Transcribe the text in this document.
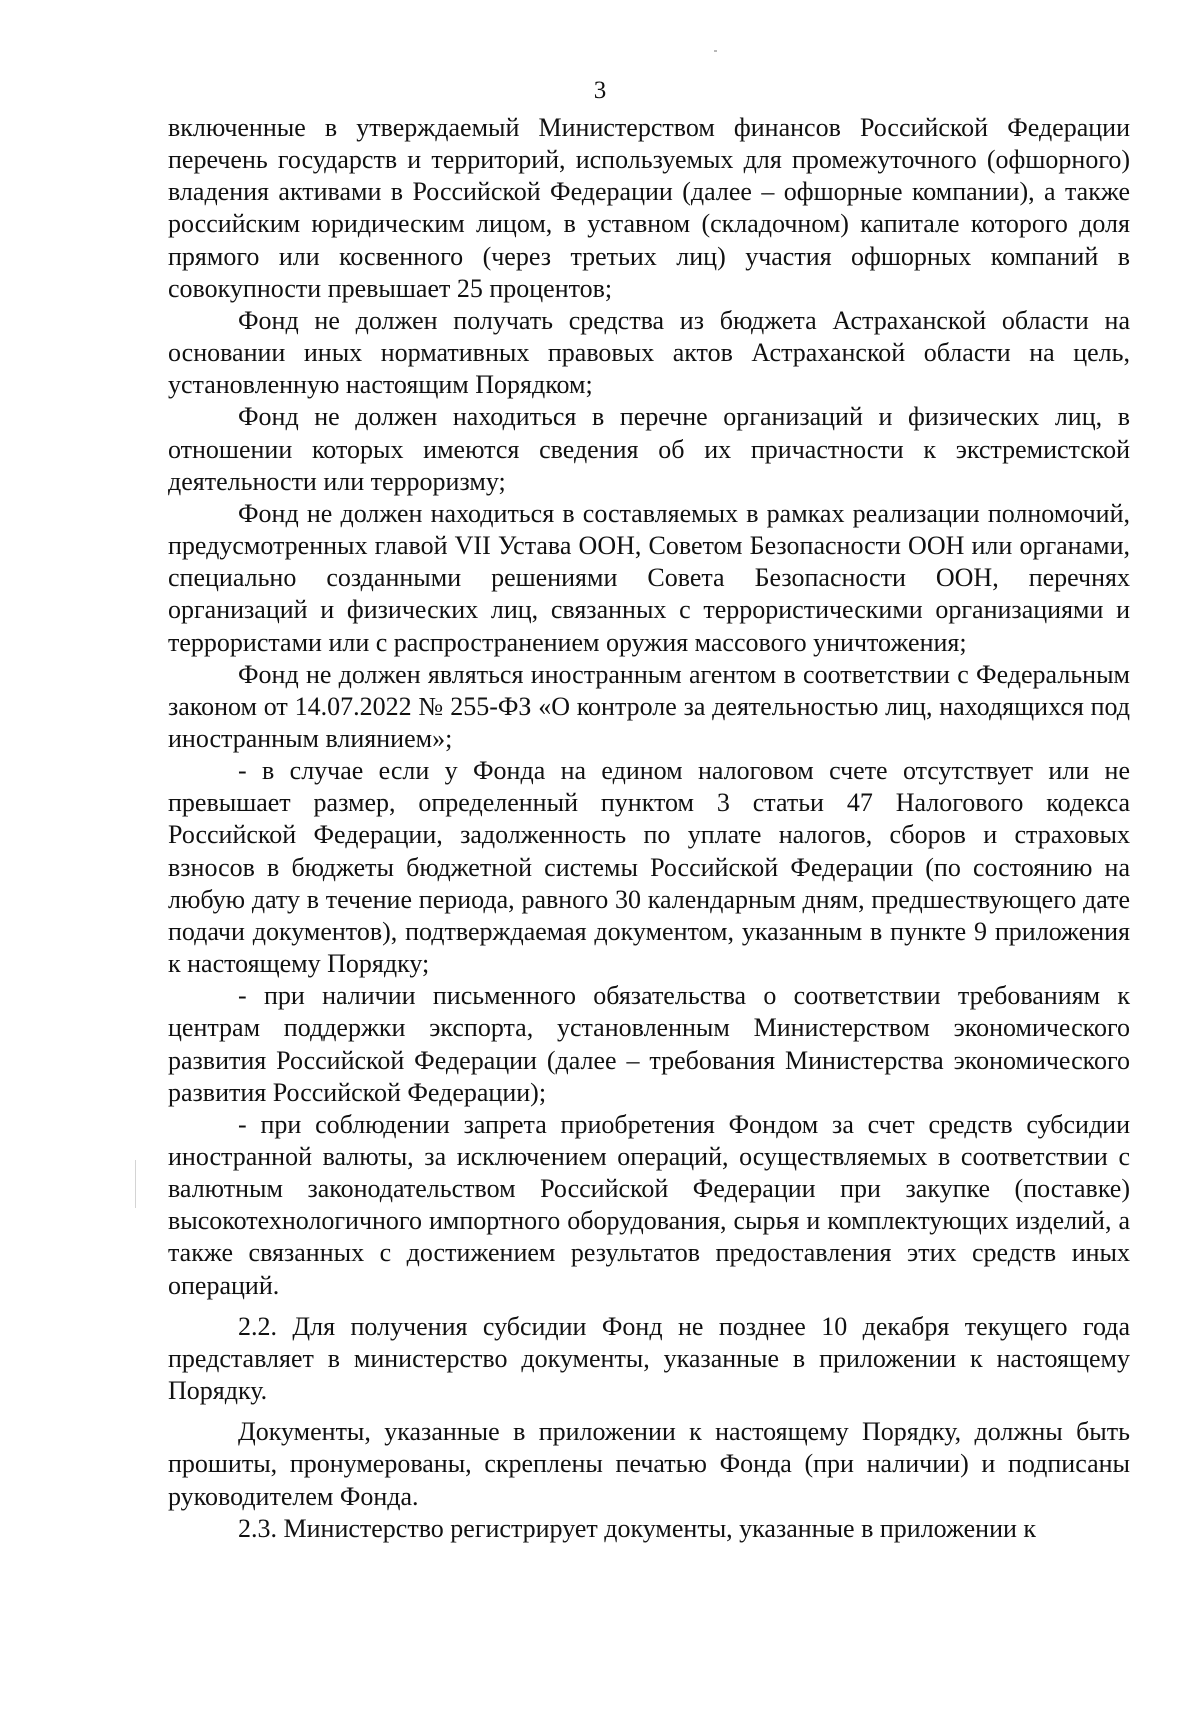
3

включенные в утверждаемый Министерством финансов Российской Федерации перечень государств и территорий, используемых для промежуточного (офшорного) владения активами в Российской Федерации (далее – офшорные компании), а также российским юридическим лицом, в уставном (складочном) капитале которого доля прямого или косвенного (через третьих лиц) участия офшорных компаний в совокупности превышает 25 процентов;

Фонд не должен получать средства из бюджета Астраханской области на основании иных нормативных правовых актов Астраханской области на цель, установленную настоящим Порядком;

Фонд не должен находиться в перечне организаций и физических лиц, в отношении которых имеются сведения об их причастности к экстремистской деятельности или терроризму;

Фонд не должен находиться в составляемых в рамках реализации полномочий, предусмотренных главой VII Устава ООН, Советом Безопасности ООН или органами, специально созданными решениями Совета Безопасности ООН, перечнях организаций и физических лиц, связанных с террористическими организациями и террористами или с распространением оружия массового уничтожения;

Фонд не должен являться иностранным агентом в соответствии с Федеральным законом от 14.07.2022 № 255-ФЗ «О контроле за деятельностью лиц, находящихся под иностранным влиянием»;

- в случае если у Фонда на едином налоговом счете отсутствует или не превышает размер, определенный пунктом 3 статьи 47 Налогового кодекса Российской Федерации, задолженность по уплате налогов, сборов и страховых взносов в бюджеты бюджетной системы Российской Федерации (по состоянию на любую дату в течение периода, равного 30 календарным дням, предшествующего дате подачи документов), подтверждаемая документом, указанным в пункте 9 приложения к настоящему Порядку;

- при наличии письменного обязательства о соответствии требованиям к центрам поддержки экспорта, установленным Министерством экономического развития Российской Федерации (далее – требования Министерства экономического развития Российской Федерации);

- при соблюдении запрета приобретения Фондом за счет средств субсидии иностранной валюты, за исключением операций, осуществляемых в соответствии с валютным законодательством Российской Федерации при закупке (поставке) высокотехнологичного импортного оборудования, сырья и комплектующих изделий, а также связанных с достижением результатов предоставления этих средств иных операций.

2.2. Для получения субсидии Фонд не позднее 10 декабря текущего года представляет в министерство документы, указанные в приложении к настоящему Порядку.

Документы, указанные в приложении к настоящему Порядку, должны быть прошиты, пронумерованы, скреплены печатью Фонда (при наличии) и подписаны руководителем Фонда.

2.3. Министерство регистрирует документы, указанные в приложении к
